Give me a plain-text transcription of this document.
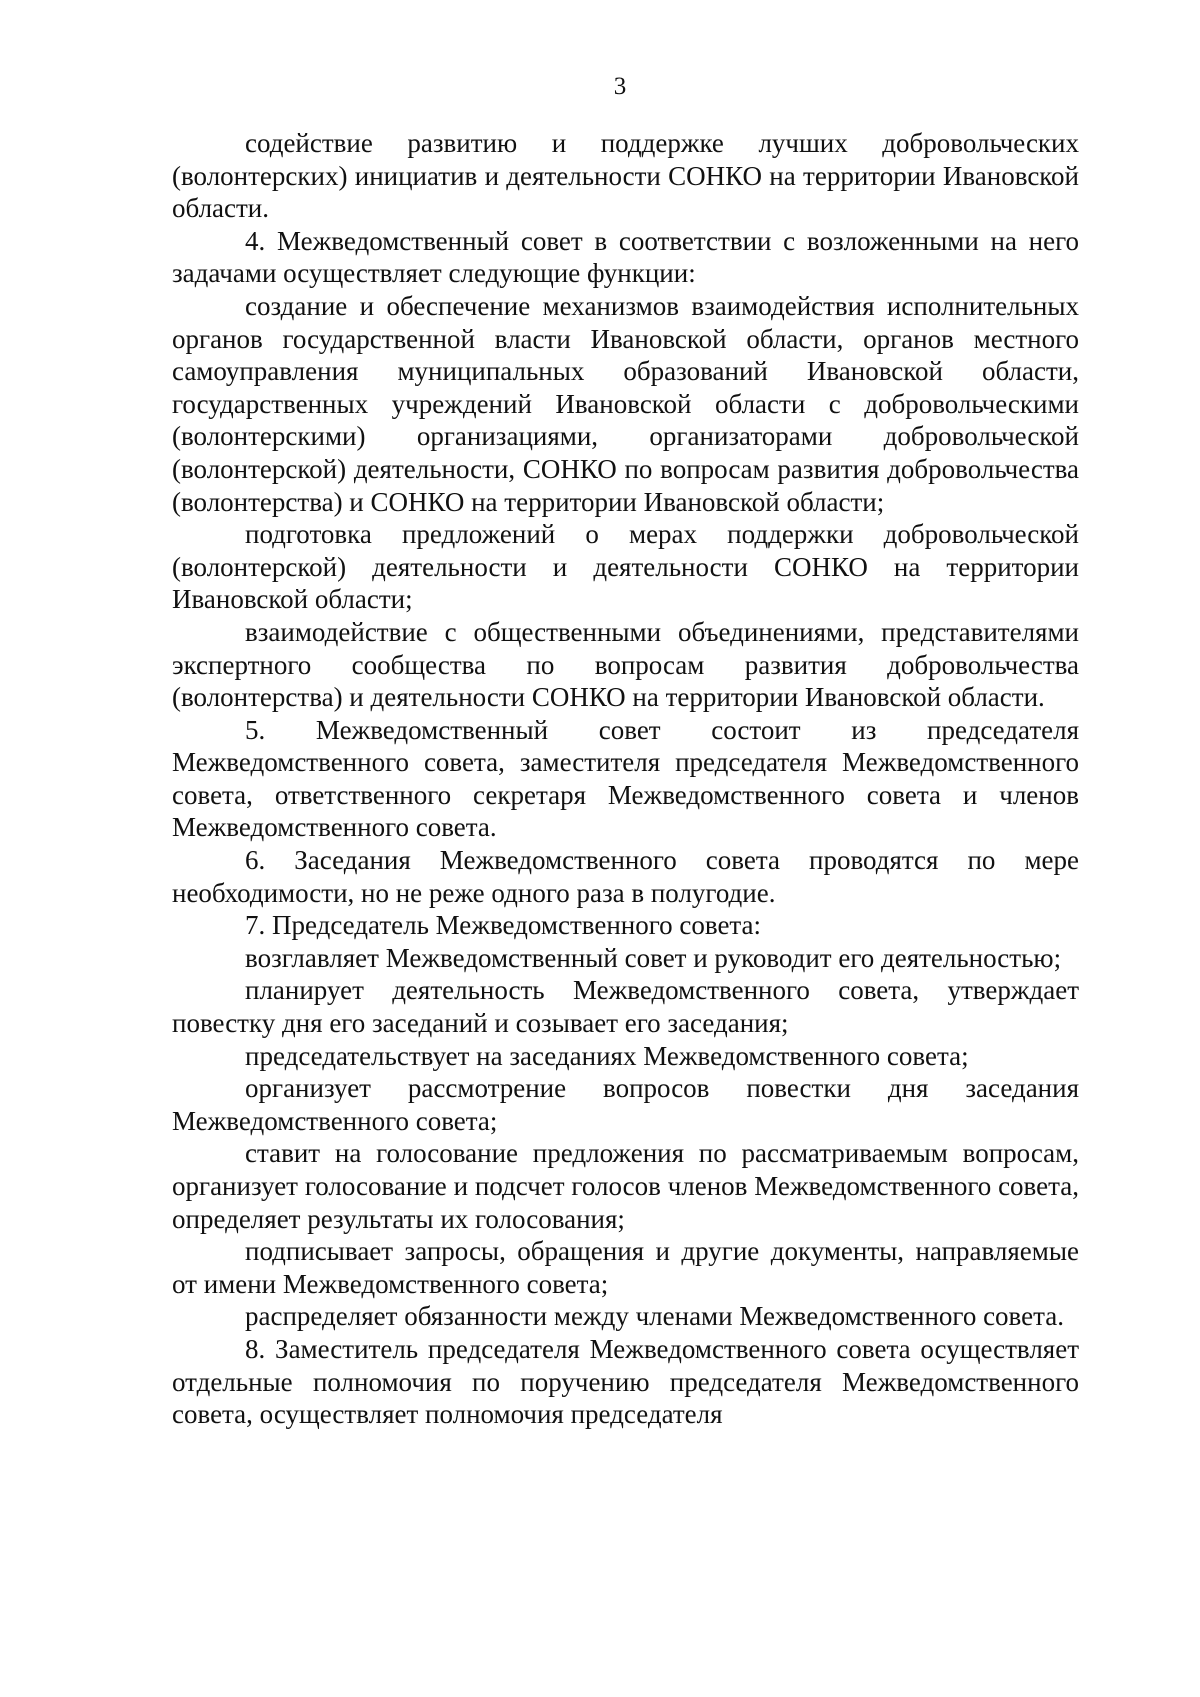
3

содействие развитию и поддержке лучших добровольческих (волонтерских) инициатив и деятельности СОНКО на территории Ивановской области.

4. Межведомственный совет в соответствии с возложенными на него задачами осуществляет следующие функции:

создание и обеспечение механизмов взаимодействия исполнительных органов государственной власти Ивановской области, органов местного самоуправления муниципальных образований Ивановской области, государственных учреждений Ивановской области с добровольческими (волонтерскими) организациями, организаторами добровольческой (волонтерской) деятельности, СОНКО по вопросам развития добровольчества (волонтерства) и СОНКО на территории Ивановской области;

подготовка предложений о мерах поддержки добровольческой (волонтерской) деятельности и деятельности СОНКО на территории Ивановской области;

взаимодействие с общественными объединениями, представителями экспертного сообщества по вопросам развития добровольчества (волонтерства) и деятельности СОНКО на территории Ивановской области.

5. Межведомственный совет состоит из председателя Межведомственного совета, заместителя председателя Межведомственного совета, ответственного секретаря Межведомственного совета и членов Межведомственного совета.

6. Заседания Межведомственного совета проводятся по мере необходимости, но не реже одного раза в полугодие.

7. Председатель Межведомственного совета:

возглавляет Межведомственный совет и руководит его деятельностью;

планирует деятельность Межведомственного совета, утверждает повестку дня его заседаний и созывает его заседания;

председательствует на заседаниях Межведомственного совета;

организует рассмотрение вопросов повестки дня заседания Межведомственного совета;

ставит на голосование предложения по рассматриваемым вопросам, организует голосование и подсчет голосов членов Межведомственного совета, определяет результаты их голосования;

подписывает запросы, обращения и другие документы, направляемые от имени Межведомственного совета;

распределяет обязанности между членами Межведомственного совета.

8. Заместитель председателя Межведомственного совета осуществляет отдельные полномочия по поручению председателя Межведомственного совета, осуществляет полномочия председателя
